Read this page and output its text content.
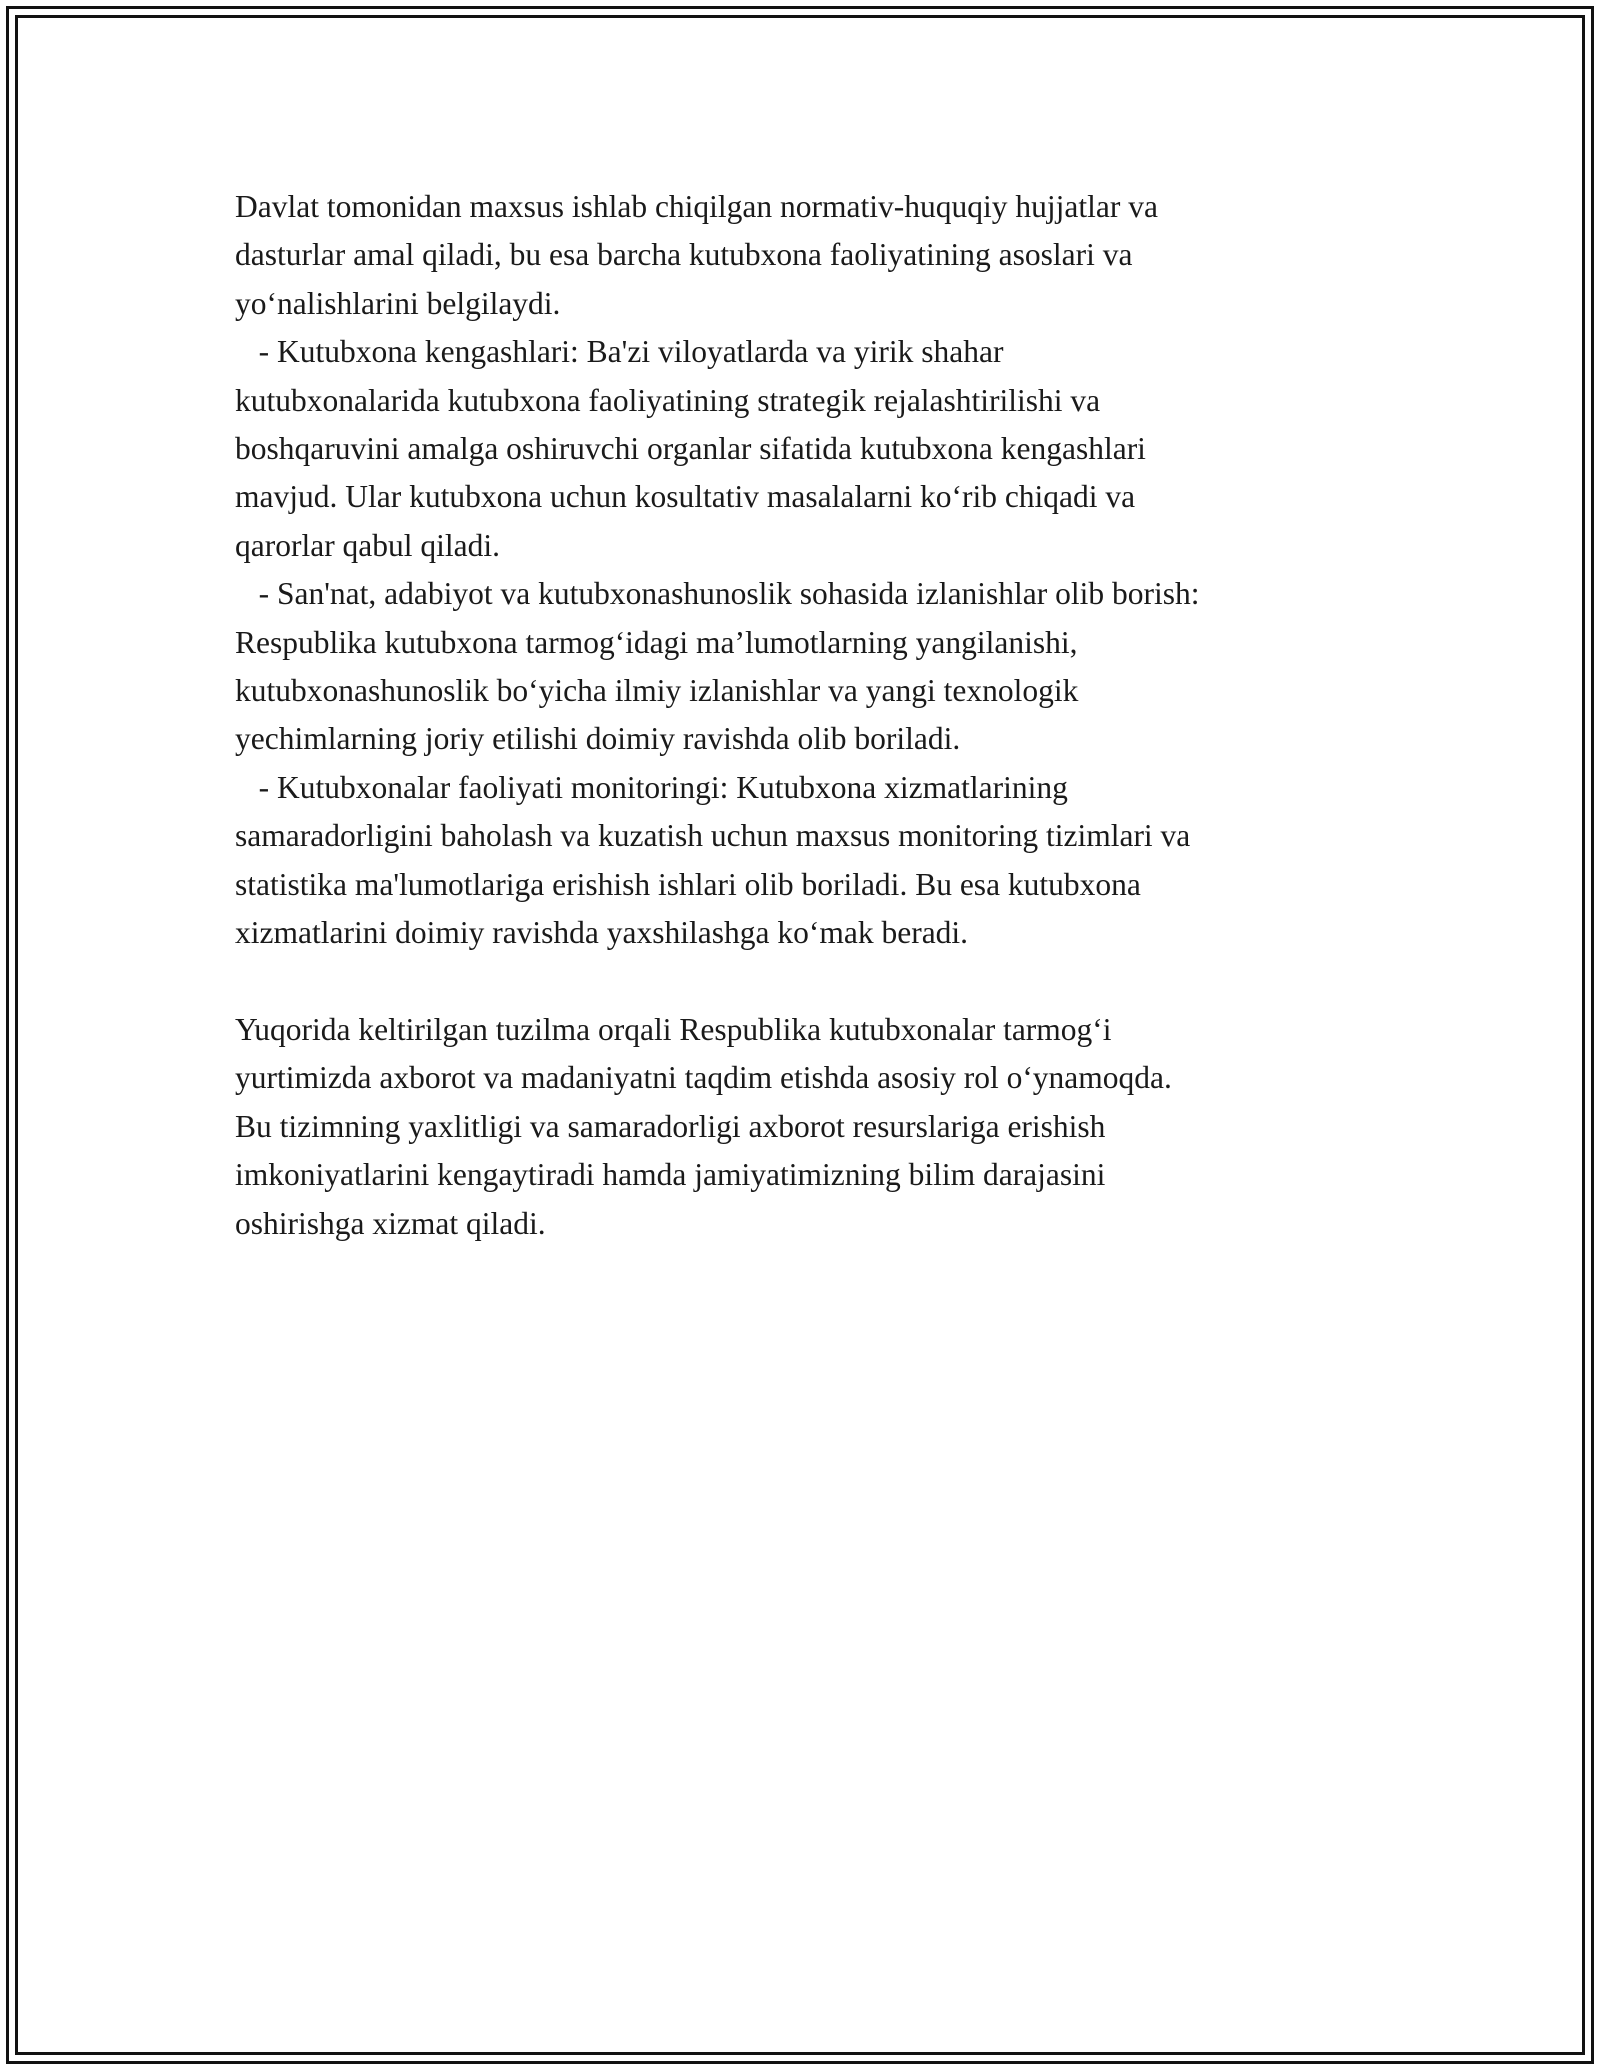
Davlat tomonidan maxsus ishlab chiqilgan normativ-huquqiy hujjatlar va
dasturlar amal qiladi, bu esa barcha kutubxona faoliyatining asoslari va
yo‘nalishlarini belgilaydi.
- Kutubxona kengashlari: Ba'zi viloyatlarda va yirik shahar
kutubxonalarida kutubxona faoliyatining strategik rejalashtirilishi va
boshqaruvini amalga oshiruvchi organlar sifatida kutubxona kengashlari
mavjud. Ular kutubxona uchun kosultativ masalalarni ko‘rib chiqadi va
qarorlar qabul qiladi.
- San'nat, adabiyot va kutubxonashunoslik sohasida izlanishlar olib borish:
Respublika kutubxona tarmog‘idagi ma’lumotlarning yangilanishi,
kutubxonashunoslik bo‘yicha ilmiy izlanishlar va yangi texnologik
yechimlarning joriy etilishi doimiy ravishda olib boriladi.
- Kutubxonalar faoliyati monitoringi: Kutubxona xizmatlarining
samaradorligini baholash va kuzatish uchun maxsus monitoring tizimlari va
statistika ma'lumotlariga erishish ishlari olib boriladi. Bu esa kutubxona
xizmatlarini doimiy ravishda yaxshilashga ko‘mak beradi.
Yuqorida keltirilgan tuzilma orqali Respublika kutubxonalar tarmog‘i
yurtimizda axborot va madaniyatni taqdim etishda asosiy rol o‘ynamoqda.
Bu tizimning yaxlitligi va samaradorligi axborot resurslariga erishish
imkoniyatlarini kengaytiradi hamda jamiyatimizning bilim darajasini
oshirishga xizmat qiladi.
